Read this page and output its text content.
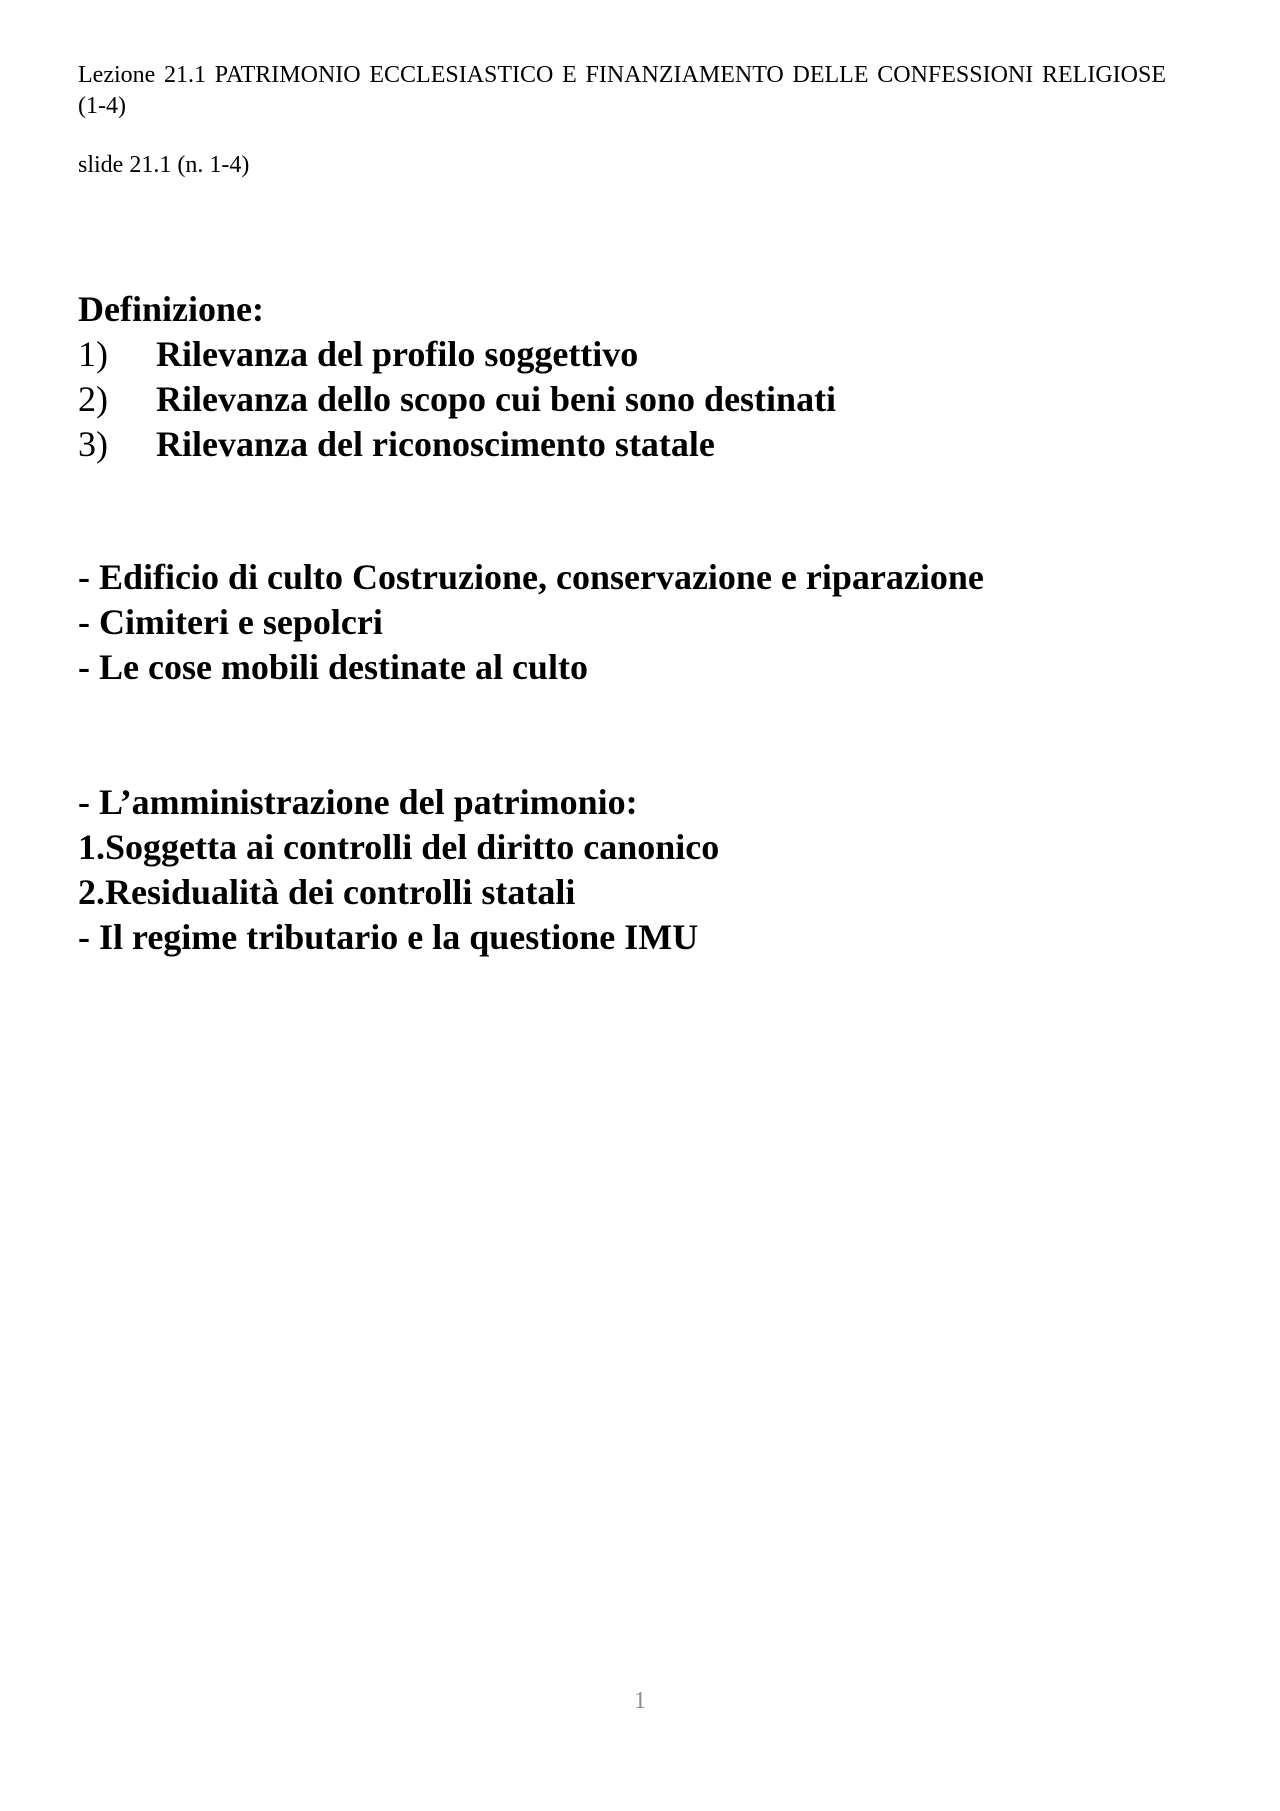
Lezione 21.1 PATRIMONIO ECCLESIASTICO E FINANZIAMENTO DELLE CONFESSIONI RELIGIOSE (1-4)

slide 21.1 (n. 1-4)

Definizione:

1)	Rilevanza del profilo soggettivo
2)	Rilevanza dello scopo cui beni sono destinati
3)	Rilevanza del riconoscimento statale
- Edificio di culto Costruzione, conservazione e riparazione
- Cimiteri e sepolcri
- Le cose mobili destinate al culto
- L’amministrazione del patrimonio:
1.Soggetta ai controlli del diritto canonico
2.Residualità dei controlli statali
- Il regime tributario e la questione IMU
1
